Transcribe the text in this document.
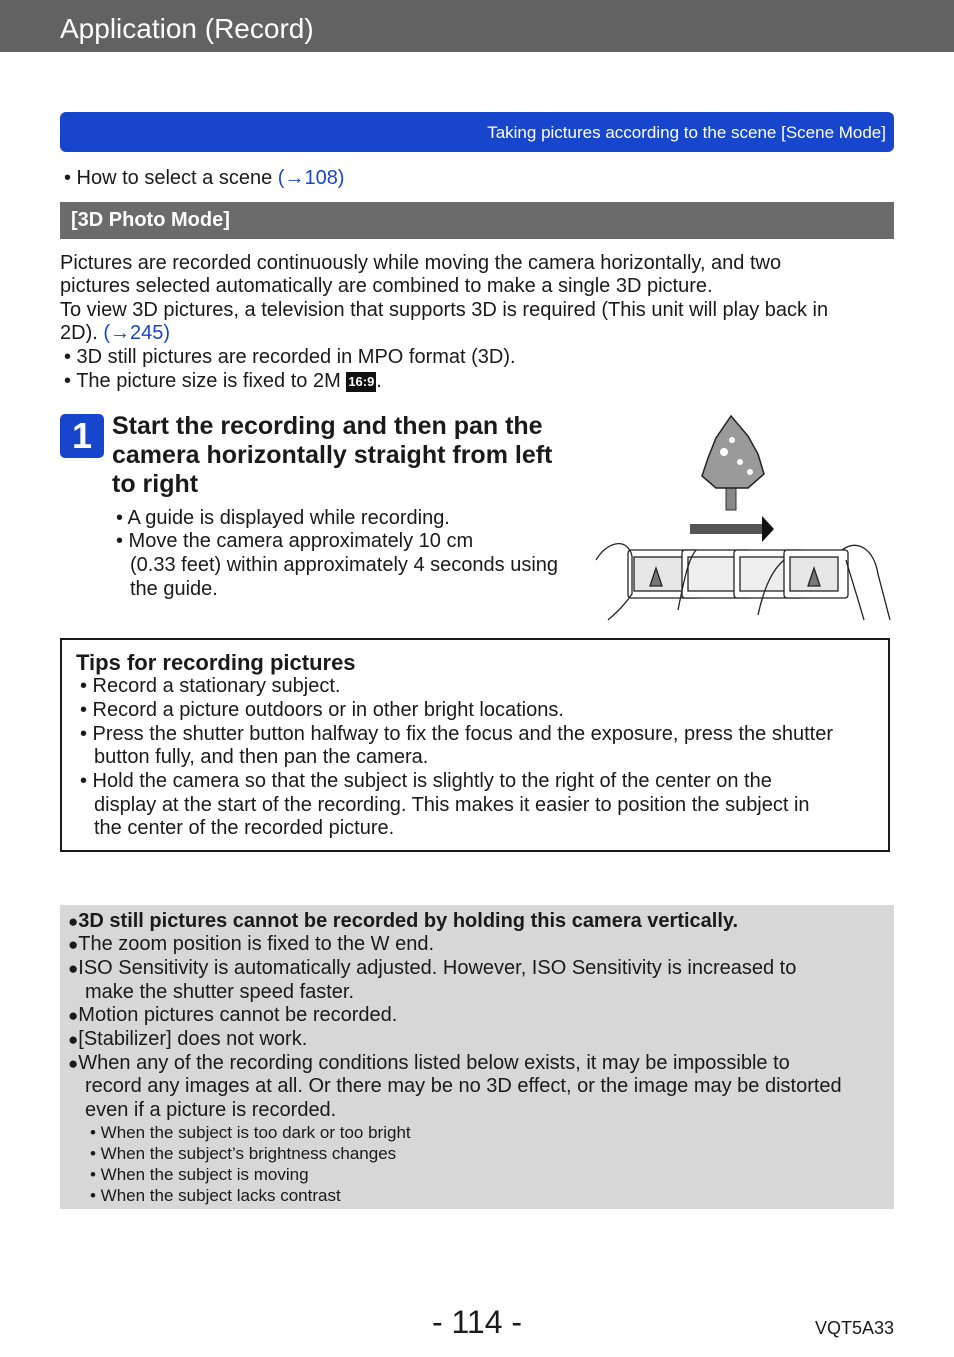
Application (Record)
Taking pictures according to the scene [Scene Mode]
• How to select a scene (→108)
[3D Photo Mode]
Pictures are recorded continuously while moving the camera horizontally, and two
pictures selected automatically are combined to make a single 3D picture.
To view 3D pictures, a television that supports 3D is required (This unit will play back in
2D). (→245)
• 3D still pictures are recorded in MPO format (3D).
• The picture size is fixed to 2M 16:9 .
1 Start the recording and then pan the
camera horizontally straight from left
to right
• A guide is displayed while recording.
• Move the camera approximately 10 cm
(0.33 feet) within approximately 4 seconds using
the guide.
Tips for recording pictures
• Record a stationary subject.
• Record a picture outdoors or in other bright locations.
• Press the shutter button halfway to fix the focus and the exposure, press the shutter
button fully, and then pan the camera.
• Hold the camera so that the subject is slightly to the right of the center on the
display at the start of the recording. This makes it easier to position the subject in
the center of the recorded picture.
●3D still pictures cannot be recorded by holding this camera vertically.
●The zoom position is fixed to the W end.
●ISO Sensitivity is automatically adjusted. However, ISO Sensitivity is increased to
make the shutter speed faster.
●Motion pictures cannot be recorded.
●[Stabilizer] does not work.
●When any of the recording conditions listed below exists, it may be impossible to
record any images at all. Or there may be no 3D effect, or the image may be distorted
even if a picture is recorded.
• When the subject is too dark or too bright
• When the subject’s brightness changes
• When the subject is moving
• When the subject lacks contrast
- 114 -	VQT5A33
